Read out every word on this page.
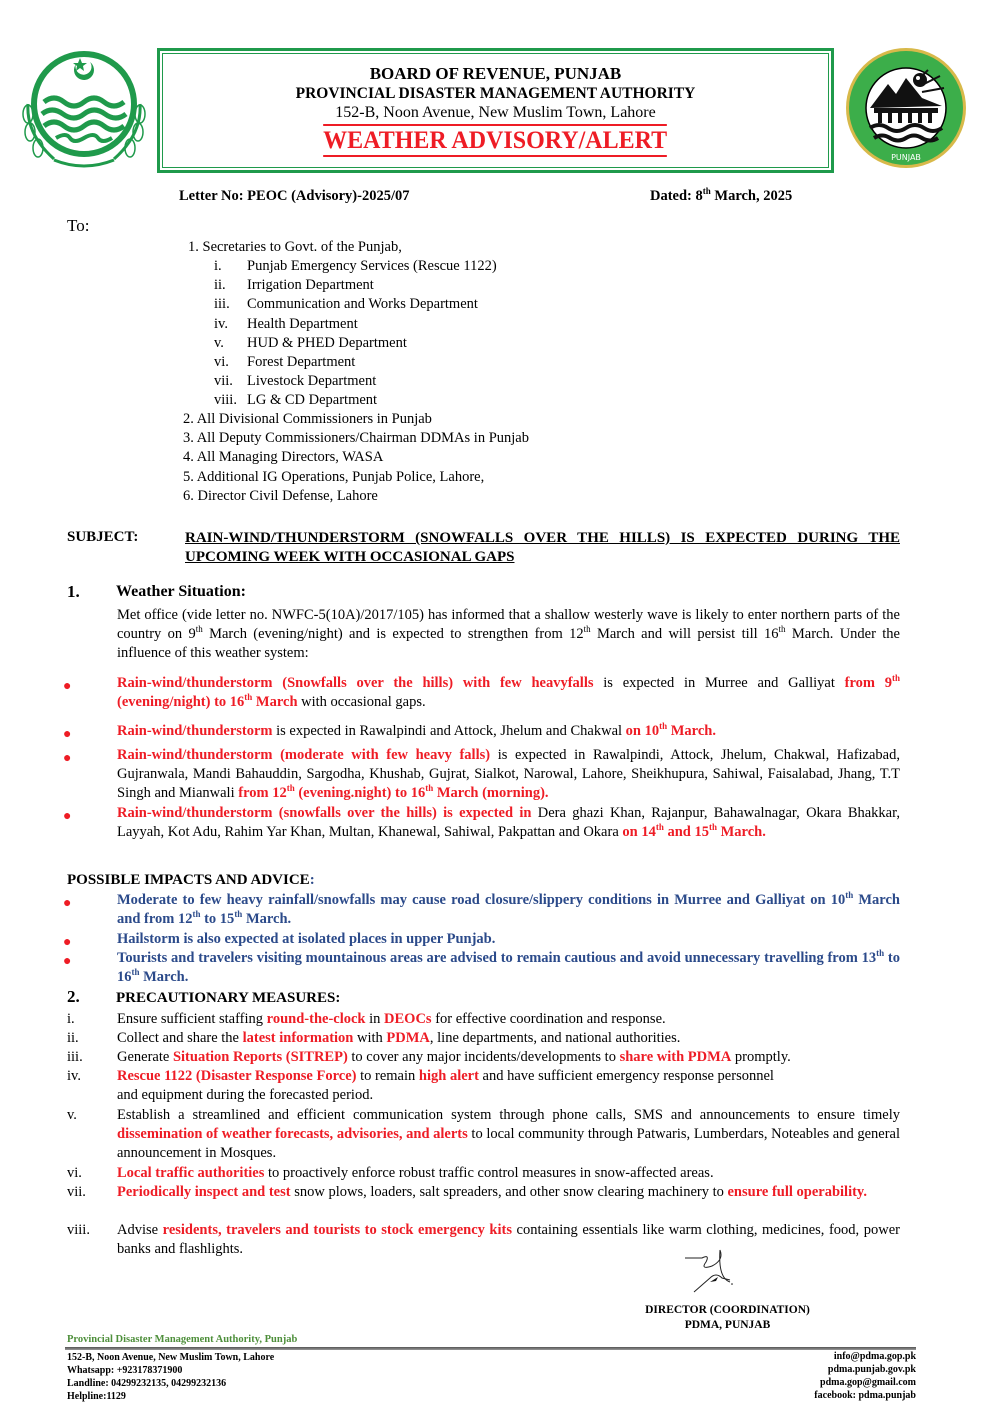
BOARD OF REVENUE, PUNJAB
PROVINCIAL DISASTER MANAGEMENT AUTHORITY
152-B, Noon Avenue, New Muslim Town, Lahore
WEATHER ADVISORY/ALERT
PUNJAB
Letter No: PEOC (Advisory)-2025/07	Dated: 8th March, 2025
To:
1. Secretaries to Govt. of the Punjab,
i.	Punjab Emergency Services (Rescue 1122)
ii.	Irrigation Department
iii.	Communication and Works Department
iv.	Health Department
v.	HUD & PHED Department
vi.	Forest Department
vii. Livestock Department
viii. LG & CD Department
2. All Divisional Commissioners in Punjab
3. All Deputy Commissioners/Chairman DDMAs in Punjab
4. All Managing Directors, WASA
5. Additional IG Operations, Punjab Police, Lahore,
6. Director Civil Defense, Lahore
SUBJECT:	RAIN-WIND/THUNDERSTORM (SNOWFALLS OVER THE HILLS) IS EXPECTED DURING THE UPCOMING WEEK WITH OCCASIONAL GAPS
1. Weather Situation:
Met office (vide letter no. NWFC-5(10A)/2017/105) has informed that a shallow westerly wave is likely to enter northern parts of the country on 9th March (evening/night) and is expected to strengthen from 12th March and will persist till 16th March. Under the influence of this weather system:
●	Rain-wind/thunderstorm (Snowfalls over the hills) with few heavyfalls is expected in Murree and Galliyat from 9th (evening/night) to 16th March with occasional gaps.
●	Rain-wind/thunderstorm is expected in Rawalpindi and Attock, Jhelum and Chakwal on 10th March.
●	Rain-wind/thunderstorm (moderate with few heavy falls) is expected in Rawalpindi, Attock, Jhelum, Chakwal, Hafizabad, Gujranwala, Mandi Bahauddin, Sargodha, Khushab, Gujrat, Sialkot, Narowal, Lahore, Sheikhupura, Sahiwal, Faisalabad, Jhang, T.T Singh and Mianwali from 12th (evening.night) to 16th March (morning).
●	Rain-wind/thunderstorm (snowfalls over the hills) is expected in Dera ghazi Khan, Rajanpur, Bahawalnagar, Okara Bhakkar, Layyah, Kot Adu, Rahim Yar Khan, Multan, Khanewal, Sahiwal, Pakpattan and Okara on 14th and 15th March.
POSSIBLE IMPACTS AND ADVICE:
●	Moderate to few heavy rainfall/snowfalls may cause road closure/slippery conditions in Murree and Galliyat on 10th March and from 12th to 15th March.
●	Hailstorm is also expected at isolated places in upper Punjab.
●	Tourists and travelers visiting mountainous areas are advised to remain cautious and avoid unnecessary travelling from 13th to 16th March.
2. PRECAUTIONARY MEASURES:
i.	Ensure sufficient staffing round-the-clock in DEOCs for effective coordination and response.
ii.	Collect and share the latest information with PDMA, line departments, and national authorities.
iii. Generate Situation Reports (SITREP) to cover any major incidents/developments to share with PDMA promptly.
iv. Rescue 1122 (Disaster Response Force) to remain high alert and have sufficient emergency response personnel
and equipment during the forecasted period.
v.	Establish a streamlined and efficient communication system through phone calls, SMS and announcements to ensure timely dissemination of weather forecasts, advisories, and alerts to local community through Patwaris, Lumberdars, Noteables and general announcement in Mosques.
vi. Local traffic authorities to proactively enforce robust traffic control measures in snow-affected areas.
vii. Periodically inspect and test snow plows, loaders, salt spreaders, and other snow clearing machinery to ensure full operability.
viii. Advise residents, travelers and tourists to stock emergency kits containing essentials like warm clothing, medicines, food, power banks and flashlights.
DIRECTOR (COORDINATION)
PDMA, PUNJAB
Provincial Disaster Management Authority, Punjab
152-B, Noon Avenue, New Muslim Town, Lahore
Whatsapp: +923178371900
Landline: 04299232135, 04299232136
Helpline:1129
info@pdma.gop.pk
pdma.punjab.gov.pk
pdma.gop@gmail.com
facebook: pdma.punjab
